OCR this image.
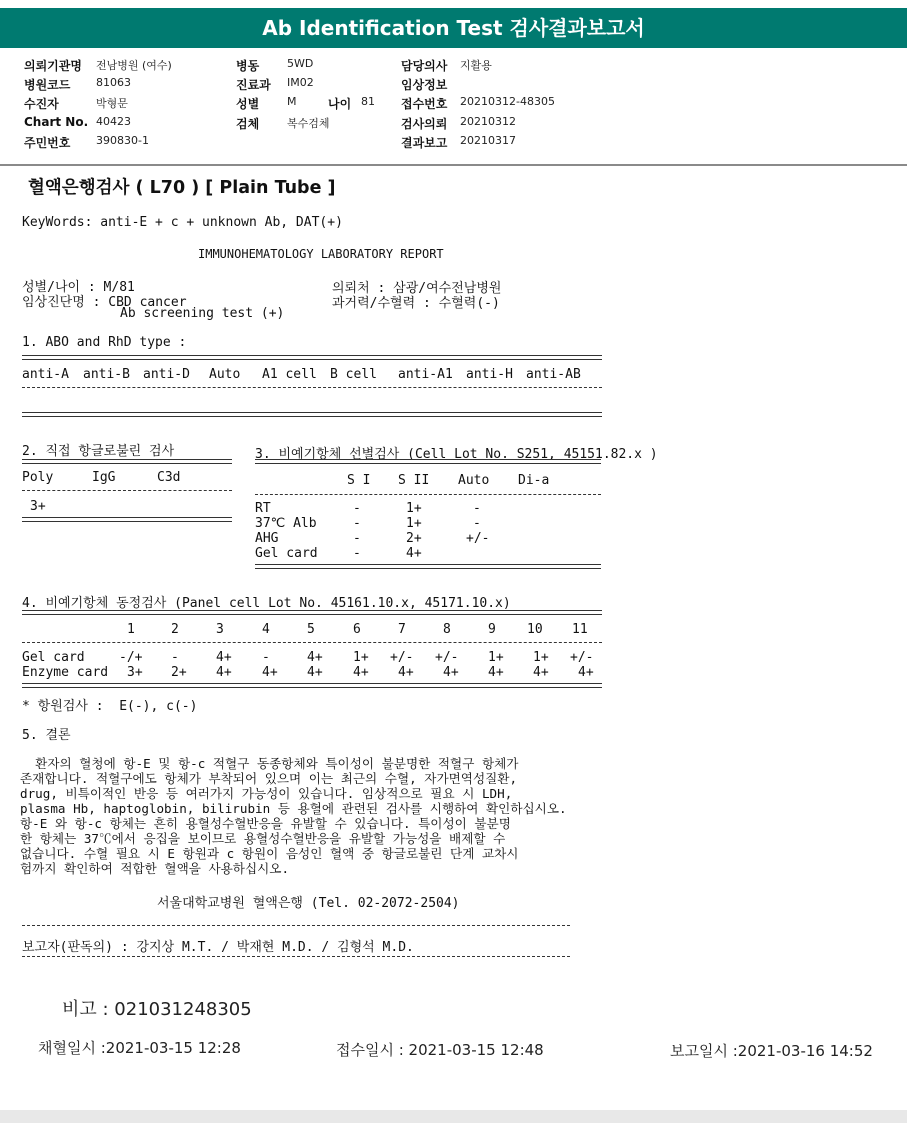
Ab Identification Test 검사결과보고서
의뢰기관명 전남병원 (여수)	병동	5WD	담당의사 지활용
병원코드 81063	진료과 IM02	임상정보
수진자	박형문	성별	M	나이 81 접수번호 20210312-48305
Chart No. 40423	검체	복수검체	검사의뢰 20210312
주민번호 390830-1	결과보고 20210317
혈액은행검사 ( L70 ) [ Plain Tube ]
KeyWords: anti-E + c + unknown Ab, DAT(+)
IMMUNOHEMATOLOGY LABORATORY REPORT
성별/나이 : M/81
임상진단명 : CBD cancer
Ab screening test (+)
의뢰처 : 삼광/여수전남병원
과거력/수혈력 : 수혈력(-)
1. ABO and RhD type :
anti-A anti-B anti-D Auto A1 cell B cell anti-A1 anti-H anti-AB
2. 직접 항글로불린 검사
Poly	IgG	C3d
3+
3. 비예기항체 선별검사 (Cell Lot No. S251, 45151.82.x )
S I S II Auto Di-a
RT	-	1+	-
37℃ Alb	-	1+	-
AHG	-	2+	+/-
Gel card	-	4+
4. 비예기항체 동정검사 (Panel cell Lot No. 45161.10.x, 45171.10.x)
1	2	3	4	5	6	7	8	9 10 11
Gel card	-/+ -	4+ -	4+ 1+ +/- +/- 1+ 1+ +/-
Enzyme card 3+ 2+ 4+ 4+ 4+ 4+ 4+ 4+ 4+ 4+ 4+
* 항원검사 :  E(-), c(-)
5. 결론
환자의 혈청에 항-E 및 항-c 적혈구 동종항체와 특이성이 불분명한 적혈구 항체가
존재합니다. 적혈구에도 항체가 부착되어 있으며 이는 최근의 수혈, 자가면역성질환,
drug, 비특이적인 반응 등 여러가지 가능성이 있습니다. 임상적으로 필요 시 LDH,
plasma Hb, haptoglobin, bilirubin 등 용혈에 관련된 검사를 시행하여 확인하십시오.
항-E 와 항-c 항체는 흔히 용혈성수혈반응을 유발할 수 있습니다. 특이성이 불분명
한 항체는 37℃에서 응집을 보이므로 용혈성수혈반응을 유발할 가능성을 배제할 수
없습니다. 수혈 필요 시 E 항원과 c 항원이 음성인 혈액 중 항글로불린 단계 교차시
험까지 확인하여 적합한 혈액을 사용하십시오.
서울대학교병원 혈액은행 (Tel. 02-2072-2504)
보고자(판독의) : 강지상 M.T. / 박재현 M.D. / 김형석 M.D.
비고 : 021031248305
채혈일시 :2021-03-15 12:28	접수일시 : 2021-03-15 12:48	보고일시 :2021-03-16 14:52
